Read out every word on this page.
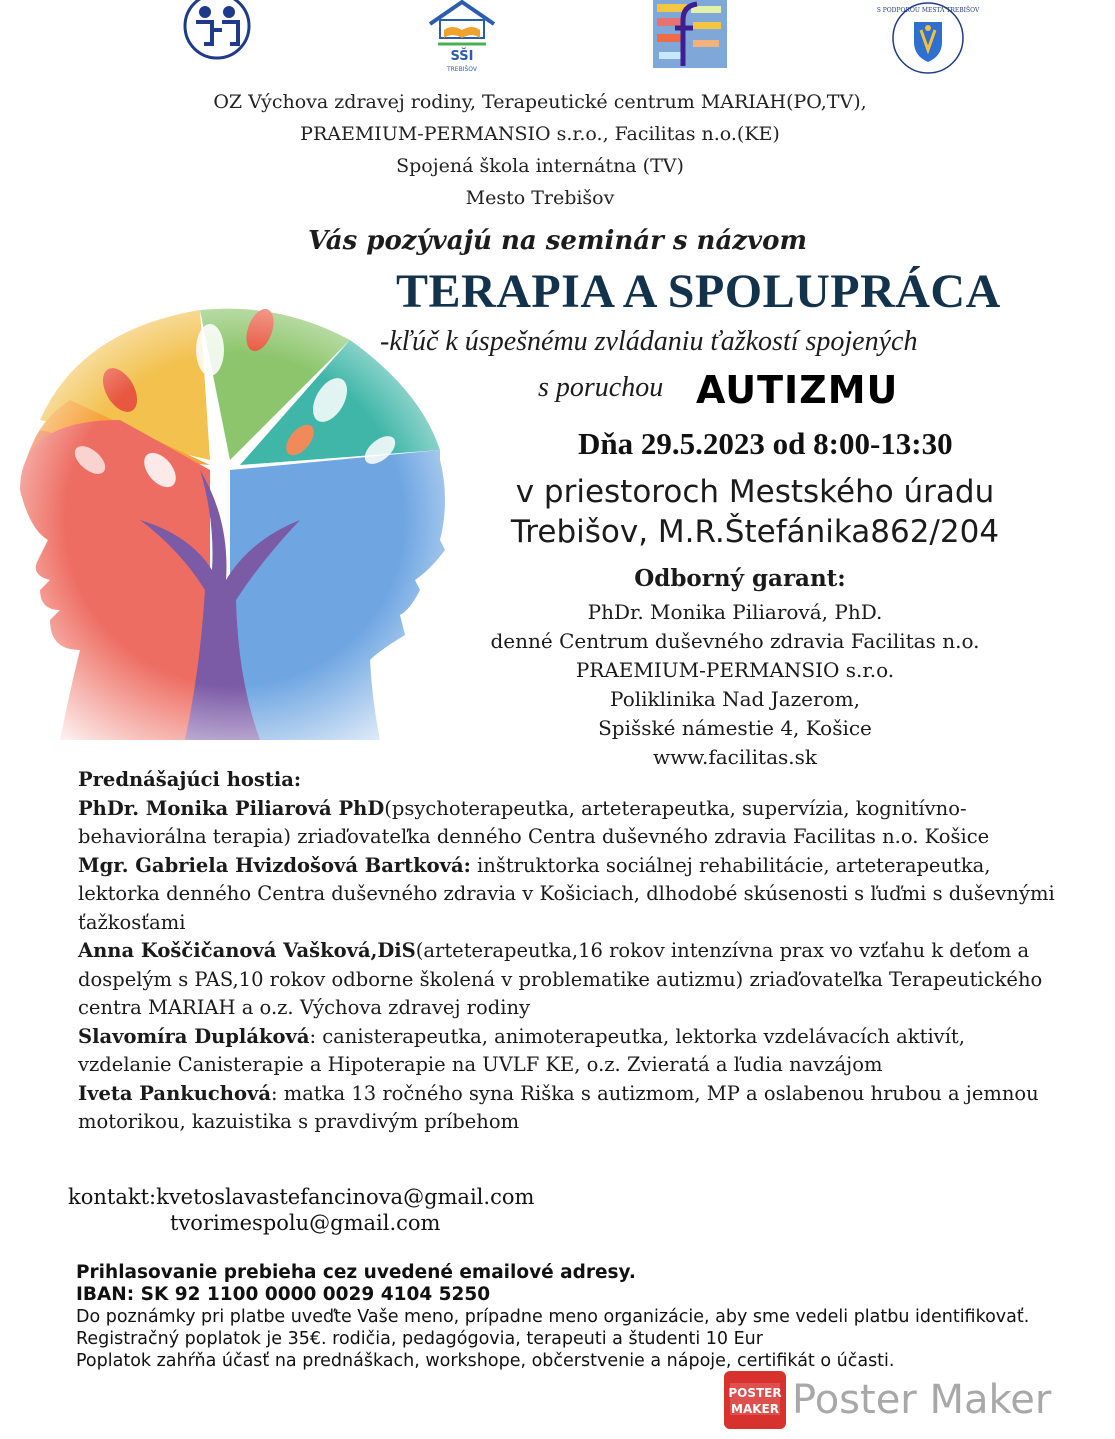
SŠI
TREBIŠOV
S PODPOROU MESTA TREBIŠOV
OZ Výchova zdravej rodiny, Terapeutické centrum MARIAH(PO,TV),
PRAEMIUM-PERMANSIO s.r.o., Facilitas n.o.(KE)
Spojená škola internátna (TV)
Mesto Trebišov
Vás pozývajú na seminár s názvom
TERAPIA A SPOLUPRÁCA
-kľúč k úspešnému zvládaniu ťažkostí spojených
s poruchou AUTIZMU
Dňa 29.5.2023 od 8:00-13:30
v priestoroch Mestského úradu
Trebišov, M.R.Štefánika862/204
Odborný garant:
PhDr. Monika Piliarová, PhD.
denné Centrum duševného zdravia Facilitas n.o.
PRAEMIUM-PERMANSIO s.r.o.
Poliklinika Nad Jazerom,
Spišské námestie 4, Košice
www.facilitas.sk

Prednášajúci hostia:

PhDr. Monika Piliarová PhD(psychoterapeutka, arteterapeutka, supervízia, kognitívno-behaviorálna terapia) zriaďovateľka denného Centra duševného zdravia Facilitas n.o. Košice

Mgr. Gabriela Hvizdošová Bartková: inštruktorka sociálnej rehabilitácie, arteterapeutka, lektorka denného Centra duševného zdravia v Košiciach, dlhodobé skúsenosti s ľuďmi s duševnými ťažkosťami

Anna Koščičanová Vašková,DiS(arteterapeutka,16 rokov intenzívna prax vo vzťahu k deťom a dospelým s PAS,10 rokov odborne školená v problematike autizmu) zriaďovateľka Terapeutického centra MARIAH a o.z. Výchova zdravej rodiny

Slavomíra Dupláková: canisterapeutka, animoterapeutka, lektorka vzdelávacích aktivít, vzdelanie Canisterapie a Hipoterapie na UVLF KE, o.z. Zvieratá a ľudia navzájom

Iveta Pankuchová: matka 13 ročného syna Riška s autizmom, MP a oslabenou hrubou a jemnou motorikou, kazuistika s pravdivým príbehom

kontakt:kvetoslavastefancinova@gmail.com
tvorimespolu@gmail.com
Prihlasovanie prebieha cez uvedené emailové adresy.
IBAN: SK 92 1100 0000 0029 4104 5250
Do poznámky pri platbe uveďte Vaše meno, prípadne meno organizácie, aby sme vedeli platbu identifikovať.
Registračný poplatok je 35€. rodičia, pedagógovia, terapeuti a študenti 10 Eur
Poplatok zahŕňa účasť na prednáškach, workshope, občerstvenie a nápoje, certifikát o účasti.
POSTER
MAKER Poster Maker
